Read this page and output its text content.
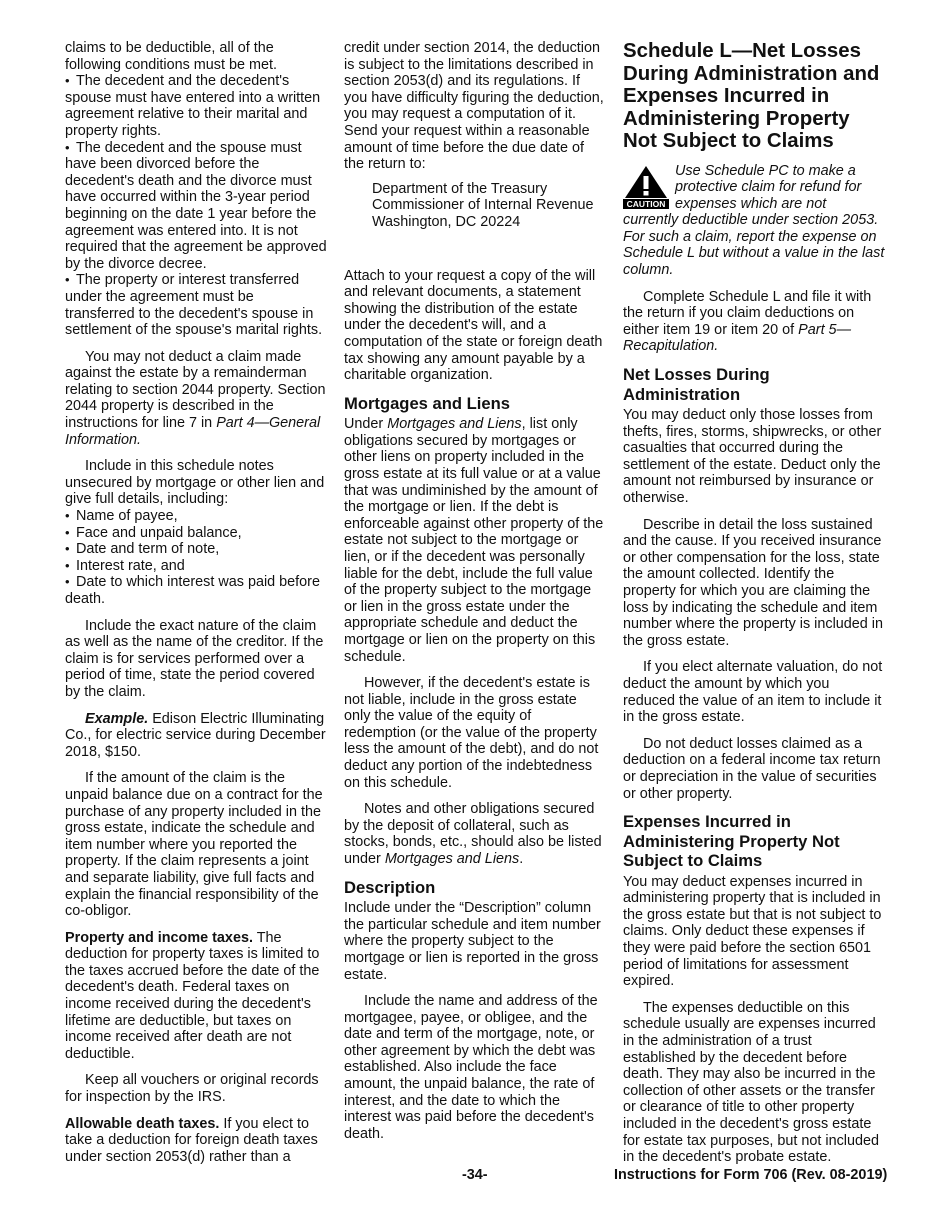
claims to be deductible, all of the following conditions must be met.

• The decedent and the decedent's spouse must have entered into a written agreement relative to their marital and property rights.

• The decedent and the spouse must have been divorced before the decedent's death and the divorce must have occurred within the 3-year period beginning on the date 1 year before the agreement was entered into. It is not required that the agreement be approved by the divorce decree.

• The property or interest transferred under the agreement must be transferred to the decedent's spouse in settlement of the spouse's marital rights.

You may not deduct a claim made against the estate by a remainderman relating to section 2044 property. Section 2044 property is described in the instructions for line 7 in Part 4—General Information.

Include in this schedule notes unsecured by mortgage or other lien and give full details, including:

• Name of payee,

• Face and unpaid balance,

• Date and term of note,

• Interest rate, and

• Date to which interest was paid before death.

Include the exact nature of the claim as well as the name of the creditor. If the claim is for services performed over a period of time, state the period covered by the claim.

Example. Edison Electric Illuminating Co., for electric service during December 2018, $150.

If the amount of the claim is the unpaid balance due on a contract for the purchase of any property included in the gross estate, indicate the schedule and item number where you reported the property. If the claim represents a joint and separate liability, give full facts and explain the financial responsibility of the co-obligor.

Property and income taxes. The deduction for property taxes is limited to the taxes accrued before the date of the decedent's death. Federal taxes on income received during the decedent's lifetime are deductible, but taxes on income received after death are not deductible.

Keep all vouchers or original records for inspection by the IRS.

Allowable death taxes. If you elect to take a deduction for foreign death taxes under section 2053(d) rather than a

credit under section 2014, the deduction is subject to the limitations described in section 2053(d) and its regulations. If you have difficulty figuring the deduction, you may request a computation of it. Send your request within a reasonable amount of time before the due date of the return to:

Department of the Treasury
Commissioner of Internal Revenue
Washington, DC 20224

Attach to your request a copy of the will and relevant documents, a statement showing the distribution of the estate under the decedent's will, and a computation of the state or foreign death tax showing any amount payable by a charitable organization.

Mortgages and Liens

Under Mortgages and Liens, list only obligations secured by mortgages or other liens on property included in the gross estate at its full value or at a value that was undiminished by the amount of the mortgage or lien. If the debt is enforceable against other property of the estate not subject to the mortgage or lien, or if the decedent was personally liable for the debt, include the full value of the property subject to the mortgage or lien in the gross estate under the appropriate schedule and deduct the mortgage or lien on the property on this schedule.

However, if the decedent's estate is not liable, include in the gross estate only the value of the equity of redemption (or the value of the property less the amount of the debt), and do not deduct any portion of the indebtedness on this schedule.

Notes and other obligations secured by the deposit of collateral, such as stocks, bonds, etc., should also be listed under Mortgages and Liens.

Description

Include under the “Description” column the particular schedule and item number where the property subject to the mortgage or lien is reported in the gross estate.

Include the name and address of the mortgagee, payee, or obligee, and the date and term of the mortgage, note, or other agreement by which the debt was established. Also include the face amount, the unpaid balance, the rate of interest, and the date to which the interest was paid before the decedent's death.

Schedule L—Net Losses During Administration and Expenses Incurred in Administering Property Not Subject to Claims
CAUTION
Use Schedule PC to make a protective claim for refund for expenses which are not currently deductible under section 2053. For such a claim, report the expense on Schedule L but without a value in the last column.

Complete Schedule L and file it with the return if you claim deductions on either item 19 or item 20 of Part 5—Recapitulation.

Net Losses During Administration

You may deduct only those losses from thefts, fires, storms, shipwrecks, or other casualties that occurred during the settlement of the estate. Deduct only the amount not reimbursed by insurance or otherwise.

Describe in detail the loss sustained and the cause. If you received insurance or other compensation for the loss, state the amount collected. Identify the property for which you are claiming the loss by indicating the schedule and item number where the property is included in the gross estate.

If you elect alternate valuation, do not deduct the amount by which you reduced the value of an item to include it in the gross estate.

Do not deduct losses claimed as a deduction on a federal income tax return or depreciation in the value of securities or other property.

Expenses Incurred in Administering Property Not Subject to Claims

You may deduct expenses incurred in administering property that is included in the gross estate but that is not subject to claims. Only deduct these expenses if they were paid before the section 6501 period of limitations for assessment expired.

The expenses deductible on this schedule usually are expenses incurred in the administration of a trust established by the decedent before death. They may also be incurred in the collection of other assets or the transfer or clearance of title to other property included in the decedent's gross estate for estate tax purposes, but not included in the decedent's probate estate.

-34-	Instructions for Form 706 (Rev. 08-2019)
